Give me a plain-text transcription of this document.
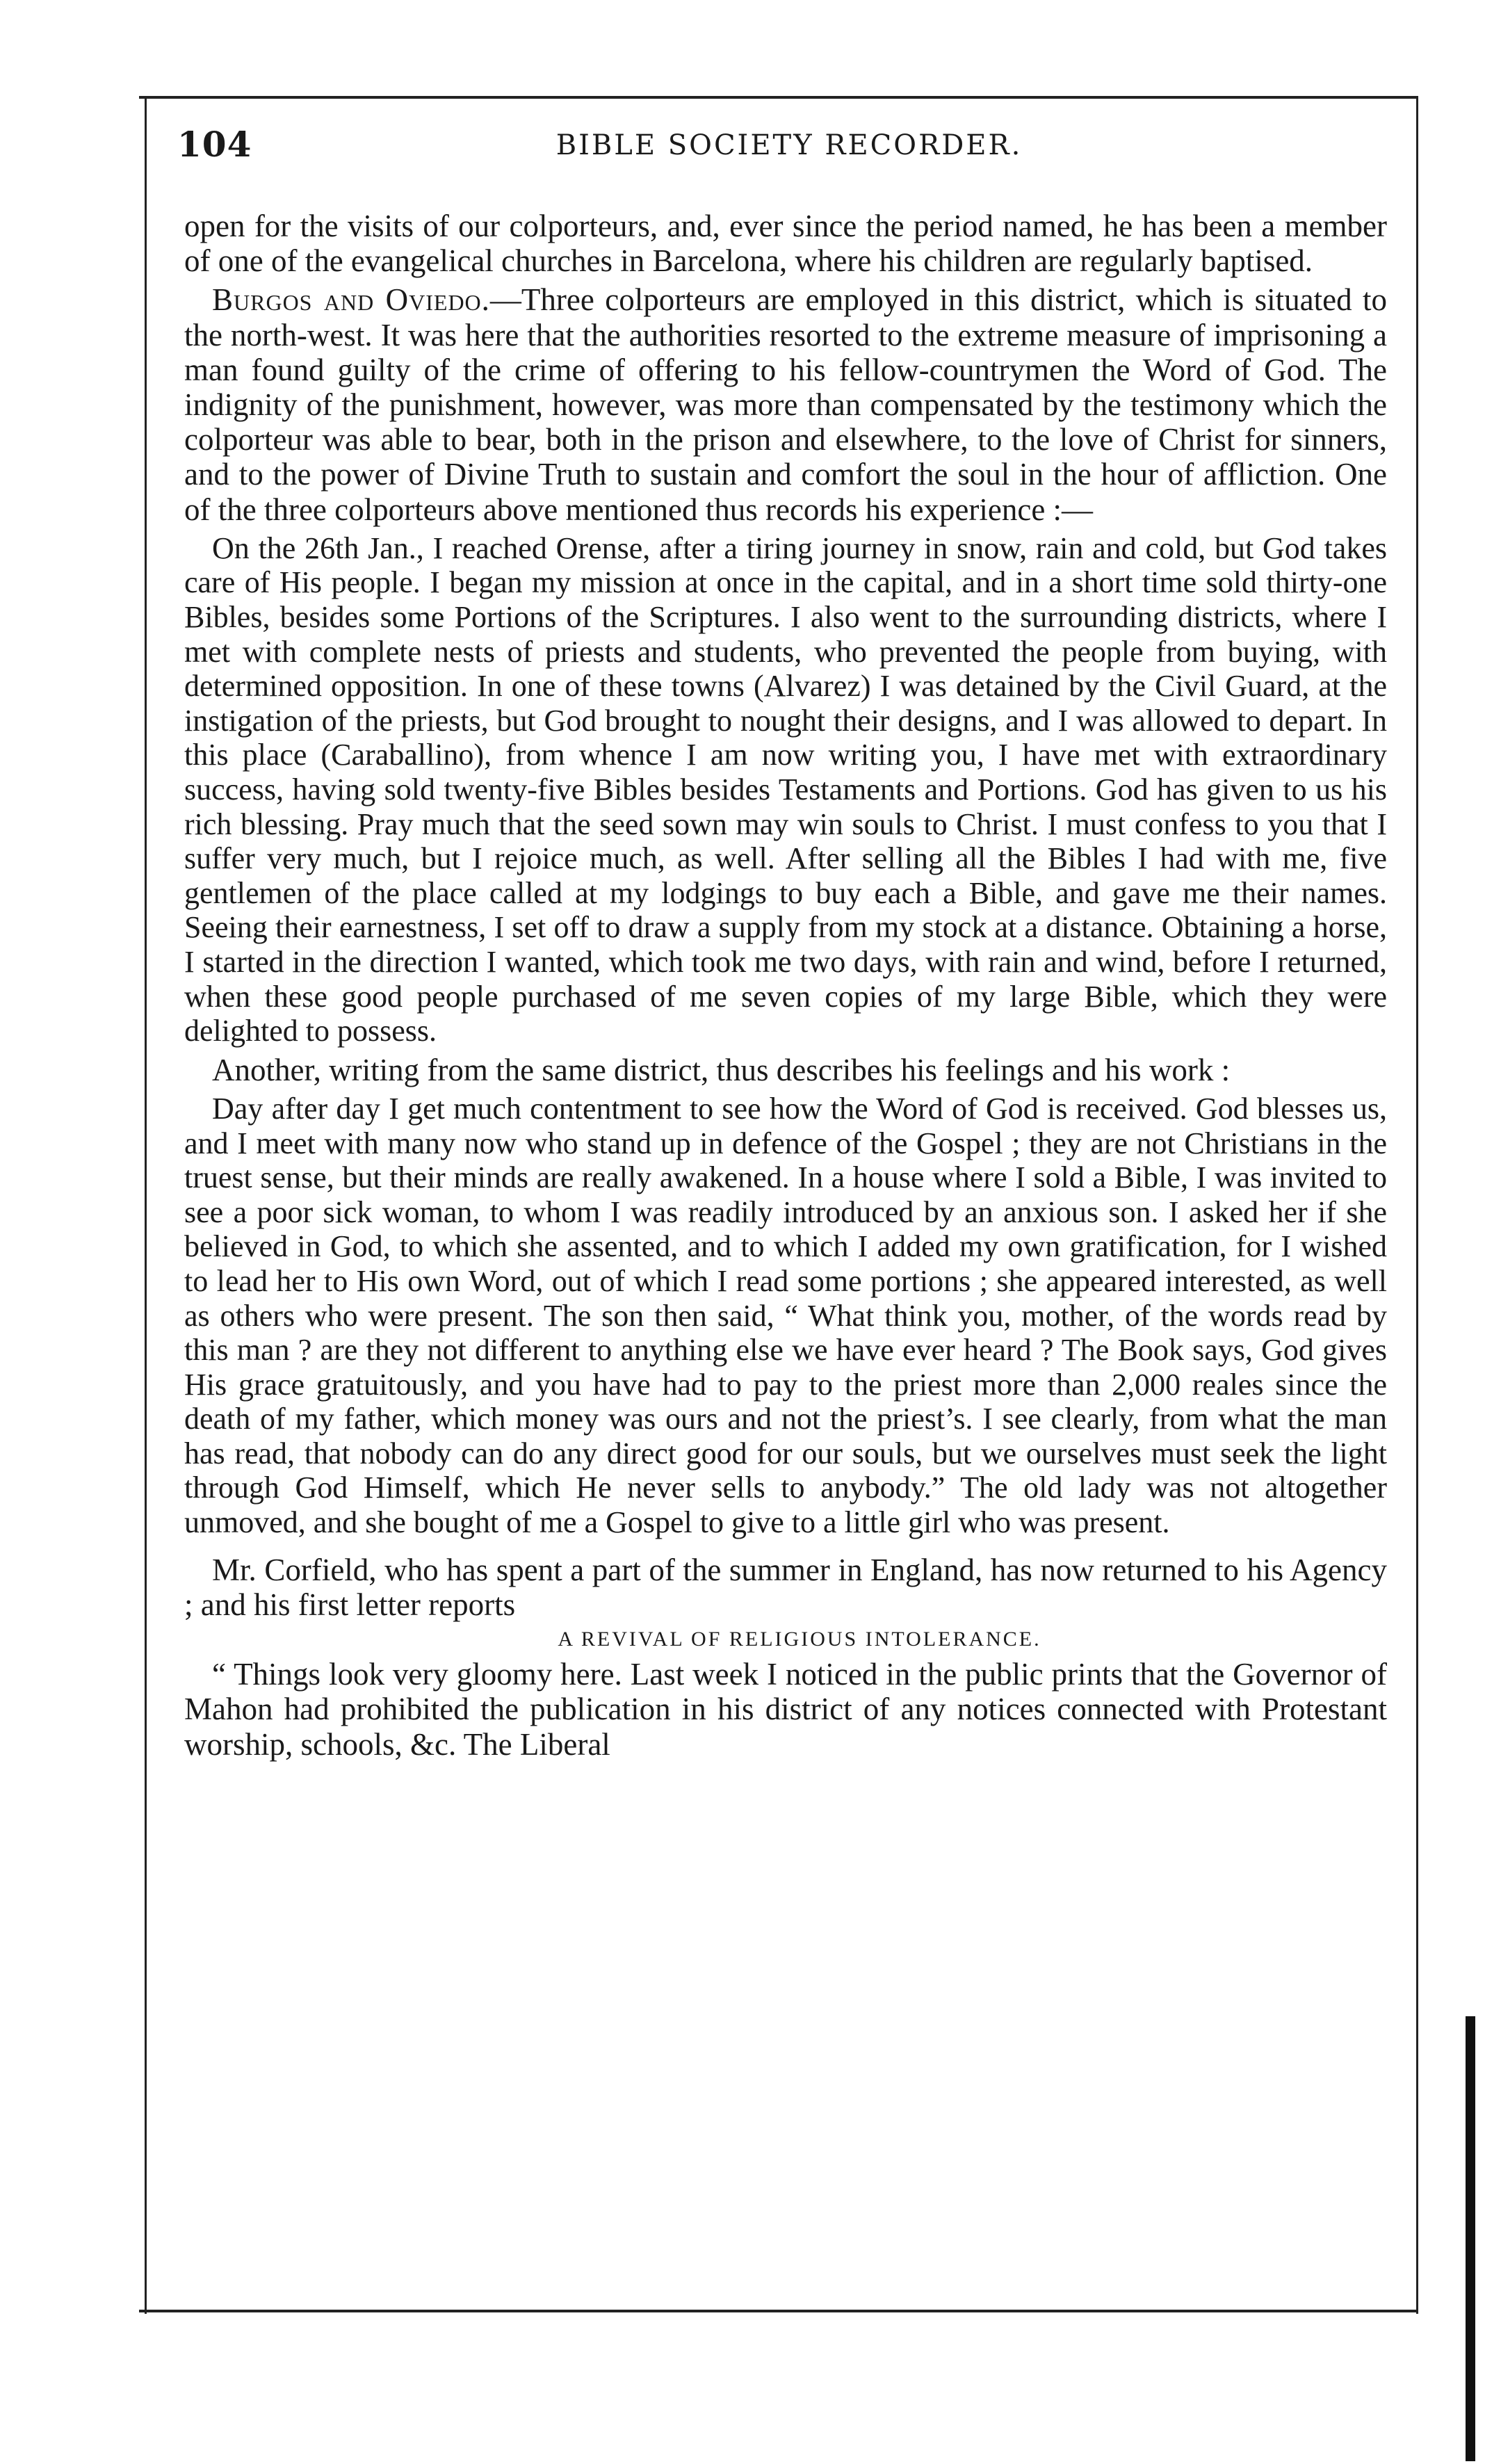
104	BIBLE SOCIETY RECORDER.

open for the visits of our colporteurs, and, ever since the period named, he has been a member of one of the evangelical churches in Barcelona, where his children are regularly baptised.

Burgos and Oviedo.—Three colporteurs are employed in this district, which is situated to the north-west. It was here that the authorities resorted to the extreme measure of imprisoning a man found guilty of the crime of offering to his fellow-countrymen the Word of God. The indignity of the punishment, however, was more than compensated by the testimony which the colporteur was able to bear, both in the prison and elsewhere, to the love of Christ for sinners, and to the power of Divine Truth to sustain and comfort the soul in the hour of affliction. One of the three colporteurs above mentioned thus records his experience :—

On the 26th Jan., I reached Orense, after a tiring journey in snow, rain and cold, but God takes care of His people. I began my mission at once in the capital, and in a short time sold thirty-one Bibles, besides some Portions of the Scriptures. I also went to the surrounding districts, where I met with complete nests of priests and students, who prevented the people from buying, with determined opposition. In one of these towns (Alvarez) I was detained by the Civil Guard, at the instigation of the priests, but God brought to nought their designs, and I was allowed to depart. In this place (Caraballino), from whence I am now writing you, I have met with extraordinary success, having sold twenty-five Bibles besides Testaments and Portions. God has given to us his rich blessing. Pray much that the seed sown may win souls to Christ. I must confess to you that I suffer very much, but I rejoice much, as well. After selling all the Bibles I had with me, five gentlemen of the place called at my lodgings to buy each a Bible, and gave me their names. Seeing their earnestness, I set off to draw a supply from my stock at a distance. Obtaining a horse, I started in the direction I wanted, which took me two days, with rain and wind, before I returned, when these good people purchased of me seven copies of my large Bible, which they were delighted to possess.

Another, writing from the same district, thus describes his feelings and his work :

Day after day I get much contentment to see how the Word of God is received. God blesses us, and I meet with many now who stand up in defence of the Gospel ; they are not Christians in the truest sense, but their minds are really awakened. In a house where I sold a Bible, I was invited to see a poor sick woman, to whom I was readily introduced by an anxious son. I asked her if she believed in God, to which she assented, and to which I added my own gratification, for I wished to lead her to His own Word, out of which I read some portions ; she appeared interested, as well as others who were present. The son then said, “ What think you, mother, of the words read by this man ? are they not different to anything else we have ever heard ? The Book says, God gives His grace gratuitously, and you have had to pay to the priest more than 2,000 reales since the death of my father, which money was ours and not the priest’s. I see clearly, from what the man has read, that nobody can do any direct good for our souls, but we ourselves must seek the light through God Himself, which He never sells to anybody.” The old lady was not altogether unmoved, and she bought of me a Gospel to give to a little girl who was present.

Mr. Corfield, who has spent a part of the summer in England, has now returned to his Agency ; and his first letter reports

A REVIVAL OF RELIGIOUS INTOLERANCE.

“ Things look very gloomy here. Last week I noticed in the public prints that the Governor of Mahon had prohibited the publication in his district of any notices connected with Protestant worship, schools, &c. The Liberal
